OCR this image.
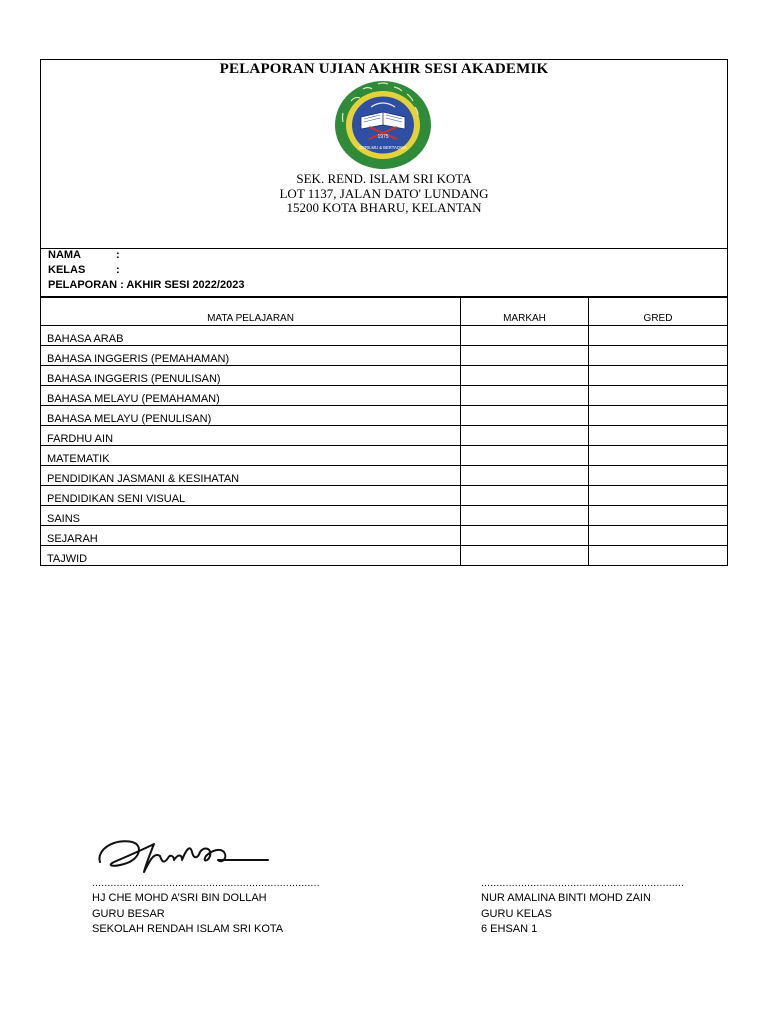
PELAPORAN UJIAN AKHIR SESI AKADEMIK
1975
BERILMU & BERTAQWA
SEK. REND. ISLAM SRI KOTA
LOT 1137, JALAN DATO' LUNDANG
15200 KOTA BHARU, KELANTAN
NAMA	:
KELAS	:
PELAPORAN : AKHIR SESI 2022/2023
MATA PELAJARAN	MARKAH	GRED
BAHASA ARAB		
BAHASA INGGERIS (PEMAHAMAN)		
BAHASA INGGERIS (PENULISAN)		
BAHASA MELAYU (PEMAHAMAN)		
BAHASA MELAYU (PENULISAN)		
FARDHU AIN		
MATEMATIK		
PENDIDIKAN JASMANI & KESIHATAN		
PENDIDIKAN SENI VISUAL		
SAINS		
SEJARAH		
TAJWID		
..........................................................................
HJ CHE MOHD A’SRI BIN DOLLAH
GURU BESAR
SEKOLAH RENDAH ISLAM SRI KOTA
..................................................................
NUR AMALINA BINTI MOHD ZAIN
GURU KELAS
6 EHSAN 1
